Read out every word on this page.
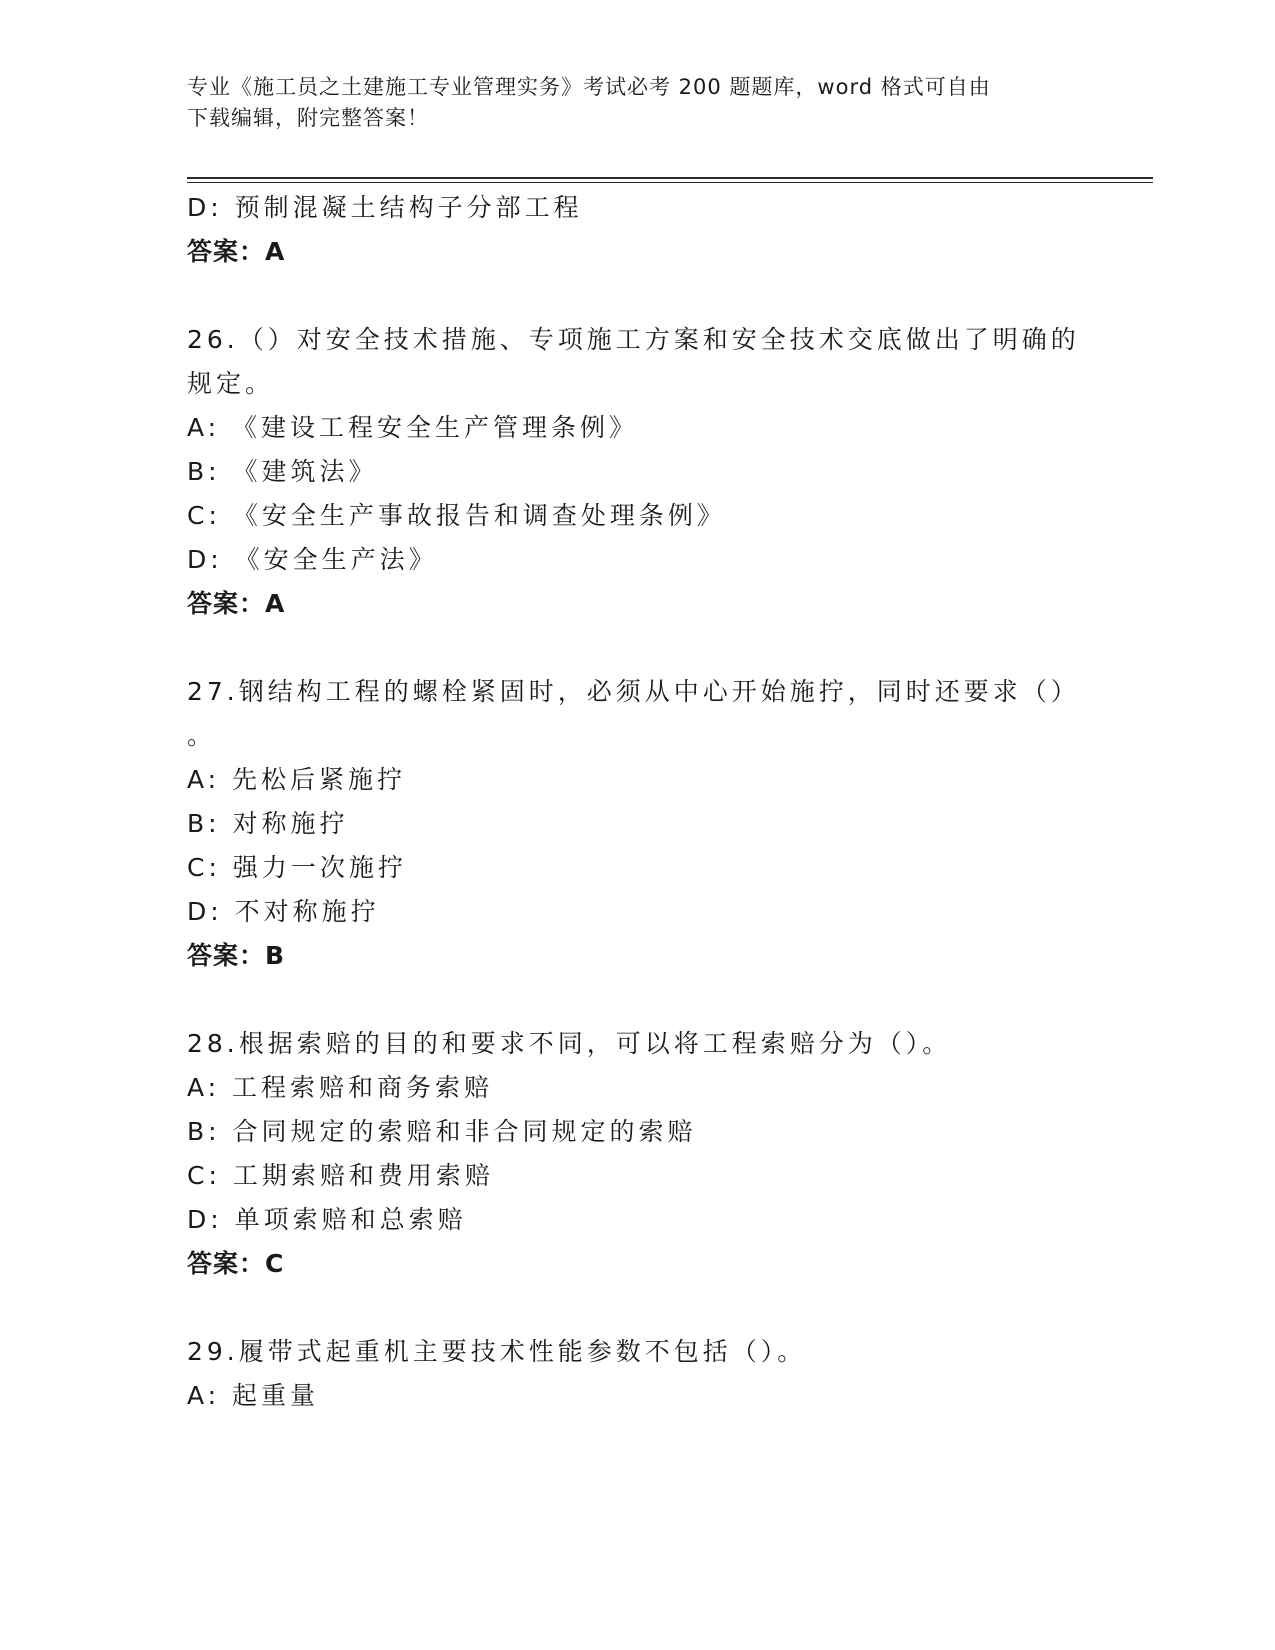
专业《施工员之土建施工专业管理实务》考试必考 200 题题库，word 格式可自由
下载编辑，附完整答案！
D: 预制混凝土结构子分部工程
答案：A
26.（）对安全技术措施、专项施工方案和安全技术交底做出了明确的
规定。
A: 《建设工程安全生产管理条例》
B: 《建筑法》
C: 《安全生产事故报告和调查处理条例》
D: 《安全生产法》
答案：A
27.钢结构工程的螺栓紧固时，必须从中心开始施拧，同时还要求（）
。
A: 先松后紧施拧
B: 对称施拧
C: 强力一次施拧
D: 不对称施拧
答案：B
28.根据索赔的目的和要求不同，可以将工程索赔分为（）。
A: 工程索赔和商务索赔
B: 合同规定的索赔和非合同规定的索赔
C: 工期索赔和费用索赔
D: 单项索赔和总索赔
答案：C
29.履带式起重机主要技术性能参数不包括（）。
A: 起重量
